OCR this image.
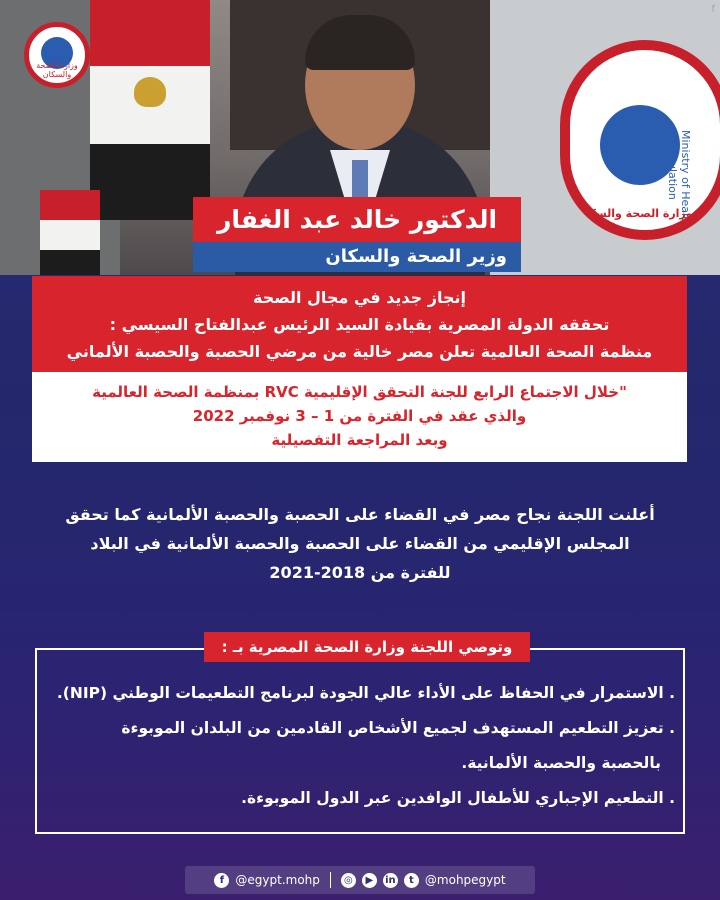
وزارة الصحة والسكان
Ministry of Health & Population
وزارة الصحة والسكان
f
الدكتور خالد عبد الغفار
وزير الصحة والسكان
إنجاز جديد في مجال الصحة
تحققه الدولة المصرية بقيادة السيد الرئيس عبدالفتاح السيسي :
منظمة الصحة العالمية تعلن مصر خالية من مرضي الحصبة والحصبة الألماني
"خلال الاجتماع الرابع للجنة التحقق الإقليمية RVC بمنظمة الصحة العالمية
والذي عقد في الفترة من 1 – 3 نوفمبر 2022
وبعد المراجعة التفصيلية
أعلنت اللجنة نجاح مصر في القضاء على الحصبة والحصبة الألمانية كما تحقق
المجلس الإقليمي من القضاء على الحصبة والحصبة الألمانية في البلاد
للفترة من 2018-2021
وتوصي اللجنة وزارة الصحة المصرية بـ :
. الاستمرار في الحفاظ على الأداء عالي الجودة لبرنامج التطعيمات الوطني (NIP).
. تعزيز التطعيم المستهدف لجميع الأشخاص القادمين من البلدان الموبوءة
بالحصبة والحصبة الألمانية.
. التطعيم الإجباري للأطفال الوافدين عبر الدول الموبوءة.
f @egypt.mohp	◎	▶	in	t @mohpegypt
